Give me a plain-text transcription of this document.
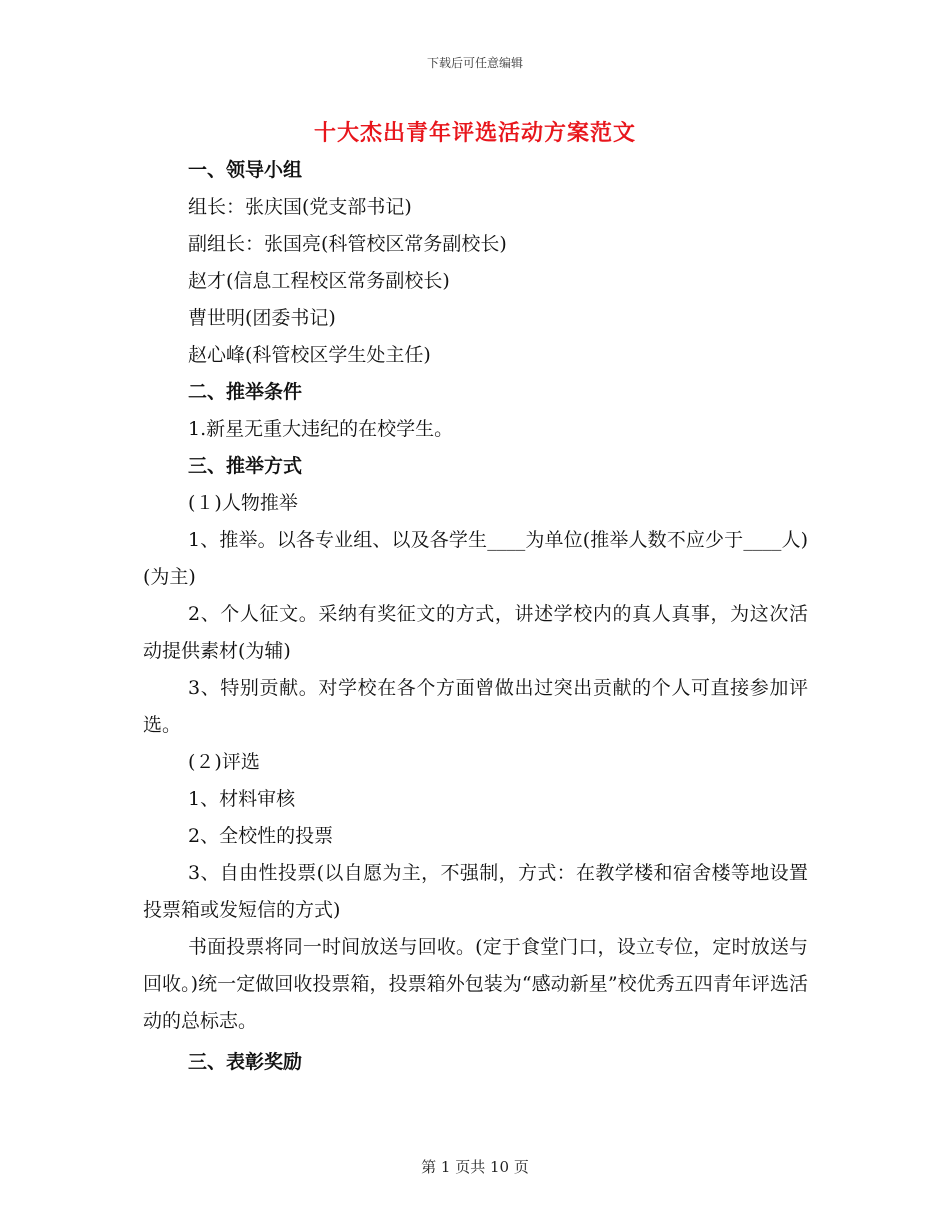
下载后可任意编辑
十大杰出青年评选活动方案范文

一、领导小组

组长：张庆国(党支部书记)

副组长：张国亮(科管校区常务副校长)

赵才(信息工程校区常务副校长)

曹世明(团委书记)

赵心峰(科管校区学生处主任)

二、推举条件

1.新星无重大违纪的在校学生。

三、推举方式

(１)人物推举

1、推举。以各专业组、以及各学生____为单位(推举人数不应少于____人)(为主)

2、个人征文。采纳有奖征文的方式，讲述学校内的真人真事，为这次活动提供素材(为辅)

3、特别贡献。对学校在各个方面曾做出过突出贡献的个人可直接参加评选。

(２)评选

1、材料审核

2、全校性的投票

3、自由性投票(以自愿为主，不强制，方式：在教学楼和宿舍楼等地设置投票箱或发短信的方式)

书面投票将同一时间放送与回收。(定于食堂门口，设立专位，定时放送与回收。)统一定做回收投票箱，投票箱外包装为“感动新星”校优秀五四青年评选活动的总标志。

三、表彰奖励

第 1 页共 10 页
